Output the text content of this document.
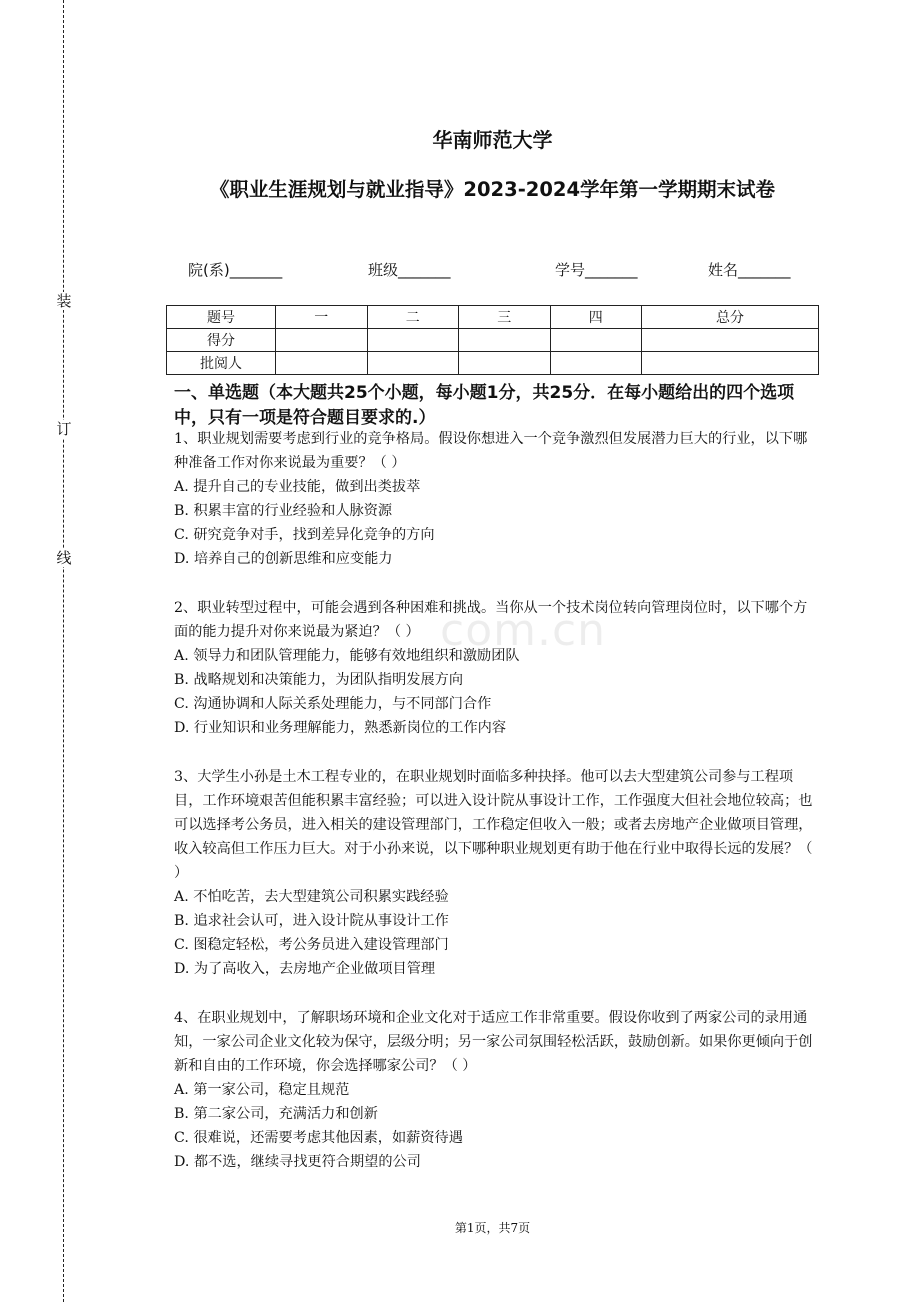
装
订
线
华南师范大学
《职业生涯规划与就业指导》2023-2024学年第一学期期末试卷
院(系)_______	班级_______	学号_______	姓名_______
题号	一	二	三	四	总分
得分					
批阅人					
一、单选题（本大题共25个小题，每小题1分，共25分．在每小题给出的四个选项中，只有一项是符合题目要求的.）
com.cn

1、职业规划需要考虑到行业的竞争格局。假设你想进入一个竞争激烈但发展潜力巨大的行业，以下哪种准备工作对你来说最为重要？（ ）

A. 提升自己的专业技能，做到出类拔萃

B. 积累丰富的行业经验和人脉资源

C. 研究竞争对手，找到差异化竞争的方向

D. 培养自己的创新思维和应变能力

2、职业转型过程中，可能会遇到各种困难和挑战。当你从一个技术岗位转向管理岗位时，以下哪个方面的能力提升对你来说最为紧迫？（ ）

A. 领导力和团队管理能力，能够有效地组织和激励团队

B. 战略规划和决策能力，为团队指明发展方向

C. 沟通协调和人际关系处理能力，与不同部门合作

D. 行业知识和业务理解能力，熟悉新岗位的工作内容

3、大学生小孙是土木工程专业的，在职业规划时面临多种抉择。他可以去大型建筑公司参与工程项目，工作环境艰苦但能积累丰富经验；可以进入设计院从事设计工作，工作强度大但社会地位较高；也可以选择考公务员，进入相关的建设管理部门，工作稳定但收入一般；或者去房地产企业做项目管理，收入较高但工作压力巨大。对于小孙来说，以下哪种职业规划更有助于他在行业中取得长远的发展？（ ）

A. 不怕吃苦，去大型建筑公司积累实践经验

B. 追求社会认可，进入设计院从事设计工作

C. 图稳定轻松，考公务员进入建设管理部门

D. 为了高收入，去房地产企业做项目管理

4、在职业规划中，了解职场环境和企业文化对于适应工作非常重要。假设你收到了两家公司的录用通知，一家公司企业文化较为保守，层级分明；另一家公司氛围轻松活跃，鼓励创新。如果你更倾向于创新和自由的工作环境，你会选择哪家公司？（ ）

A. 第一家公司，稳定且规范

B. 第二家公司，充满活力和创新

C. 很难说，还需要考虑其他因素，如薪资待遇

D. 都不选，继续寻找更符合期望的公司

第1页，共7页
